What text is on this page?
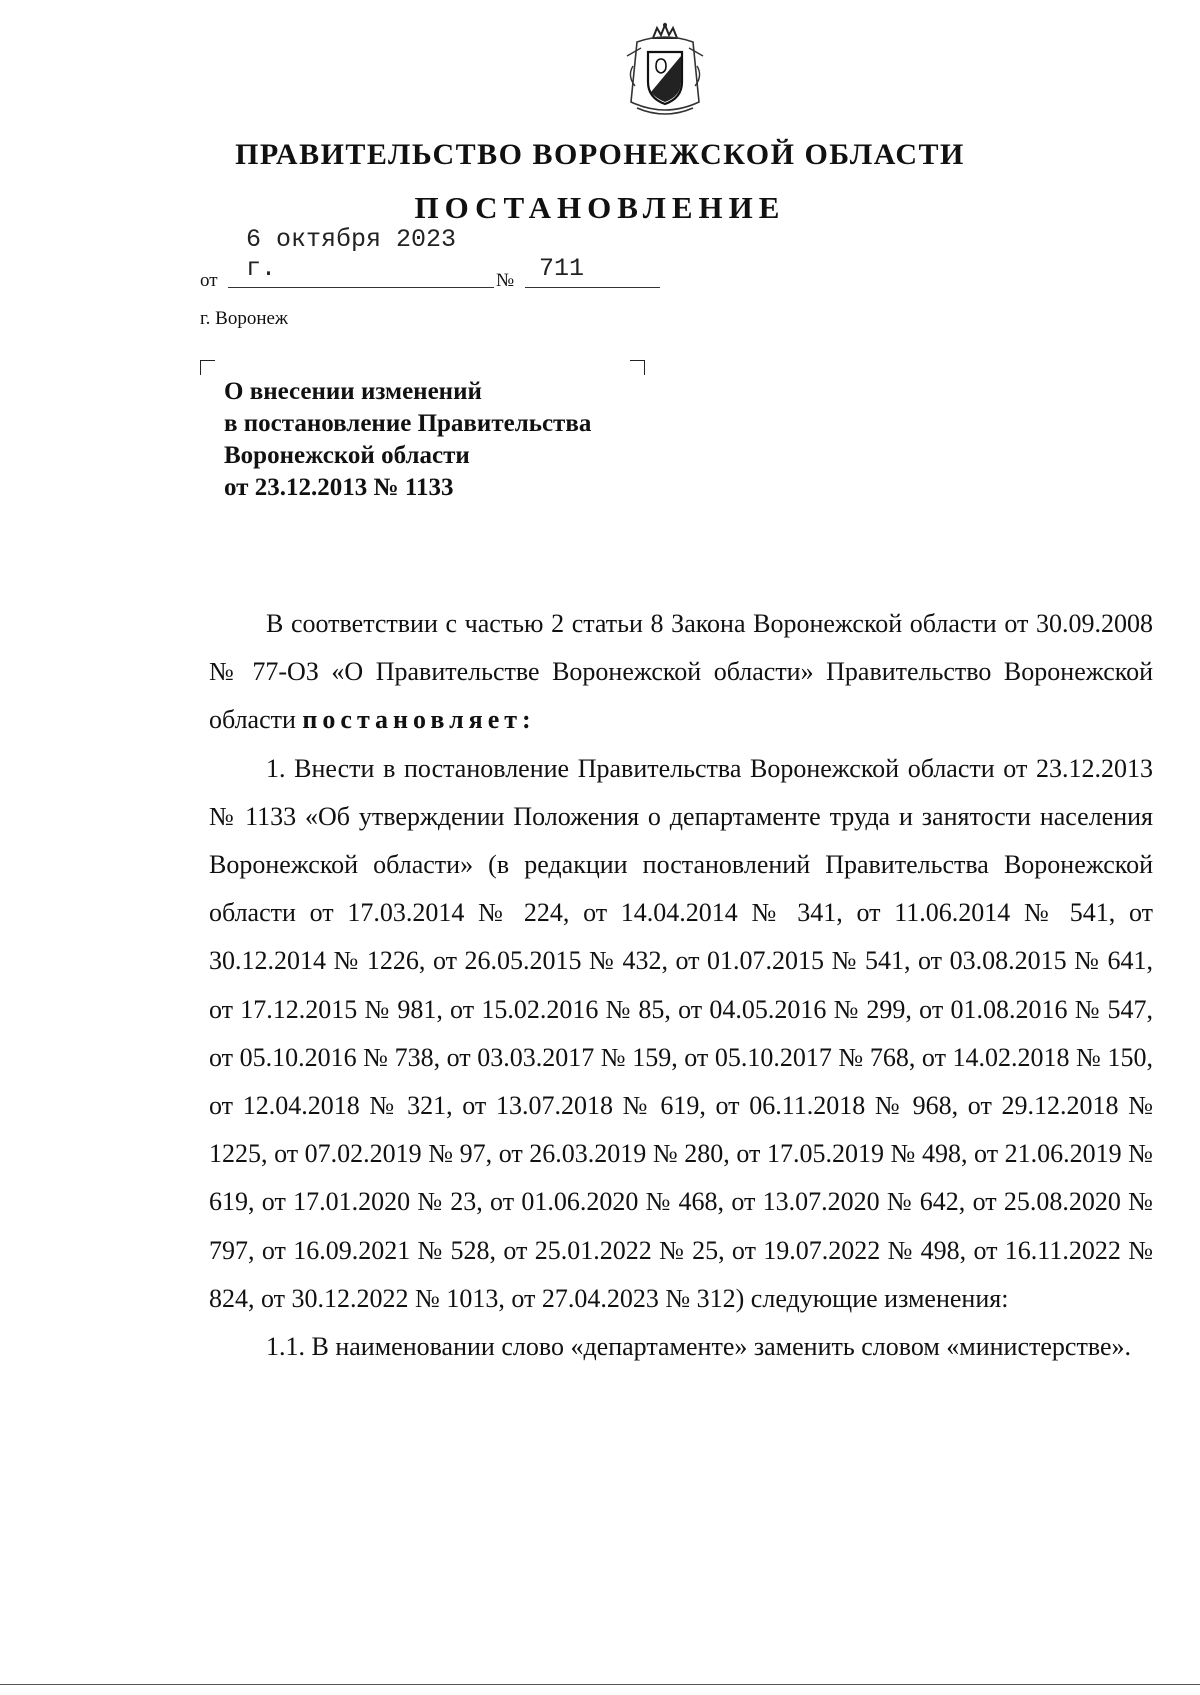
ПРАВИТЕЛЬСТВО ВОРОНЕЖСКОЙ ОБЛАСТИ
ПОСТАНОВЛЕНИЕ
от
6 октября 2023 г.	№ 711
г. Воронеж
О внесении изменений
в постановление Правительства
Воронежской области
от 23.12.2013 № 1133

В соответствии с частью 2 статьи 8 Закона Воронежской области от 30.09.2008 № 77-ОЗ «О Правительстве Воронежской области» Правительство Воронежской области постановляет:

1. Внести в постановление Правительства Воронежской области от 23.12.2013 № 1133 «Об утверждении Положения о департаменте труда и занятости населения Воронежской области» (в редакции постановлений Правительства Воронежской области от 17.03.2014 № 224, от 14.04.2014 № 341, от 11.06.2014 № 541, от 30.12.2014 № 1226, от 26.05.2015 № 432, от 01.07.2015 № 541, от 03.08.2015 № 641, от 17.12.2015 № 981, от 15.02.2016 № 85, от 04.05.2016 № 299, от 01.08.2016 № 547, от 05.10.2016 № 738, от 03.03.2017 № 159, от 05.10.2017 № 768, от 14.02.2018 № 150, от 12.04.2018 № 321, от 13.07.2018 № 619, от 06.11.2018 № 968, от 29.12.2018 № 1225, от 07.02.2019 № 97, от 26.03.2019 № 280, от 17.05.2019 № 498, от 21.06.2019 № 619, от 17.01.2020 № 23, от 01.06.2020 № 468, от 13.07.2020 № 642, от 25.08.2020 № 797, от 16.09.2021 № 528, от 25.01.2022 № 25, от 19.07.2022 № 498, от 16.11.2022 № 824, от 30.12.2022 № 1013, от 27.04.2023 № 312) следующие изменения:

1.1. В наименовании слово «департаменте» заменить словом «министерстве».
